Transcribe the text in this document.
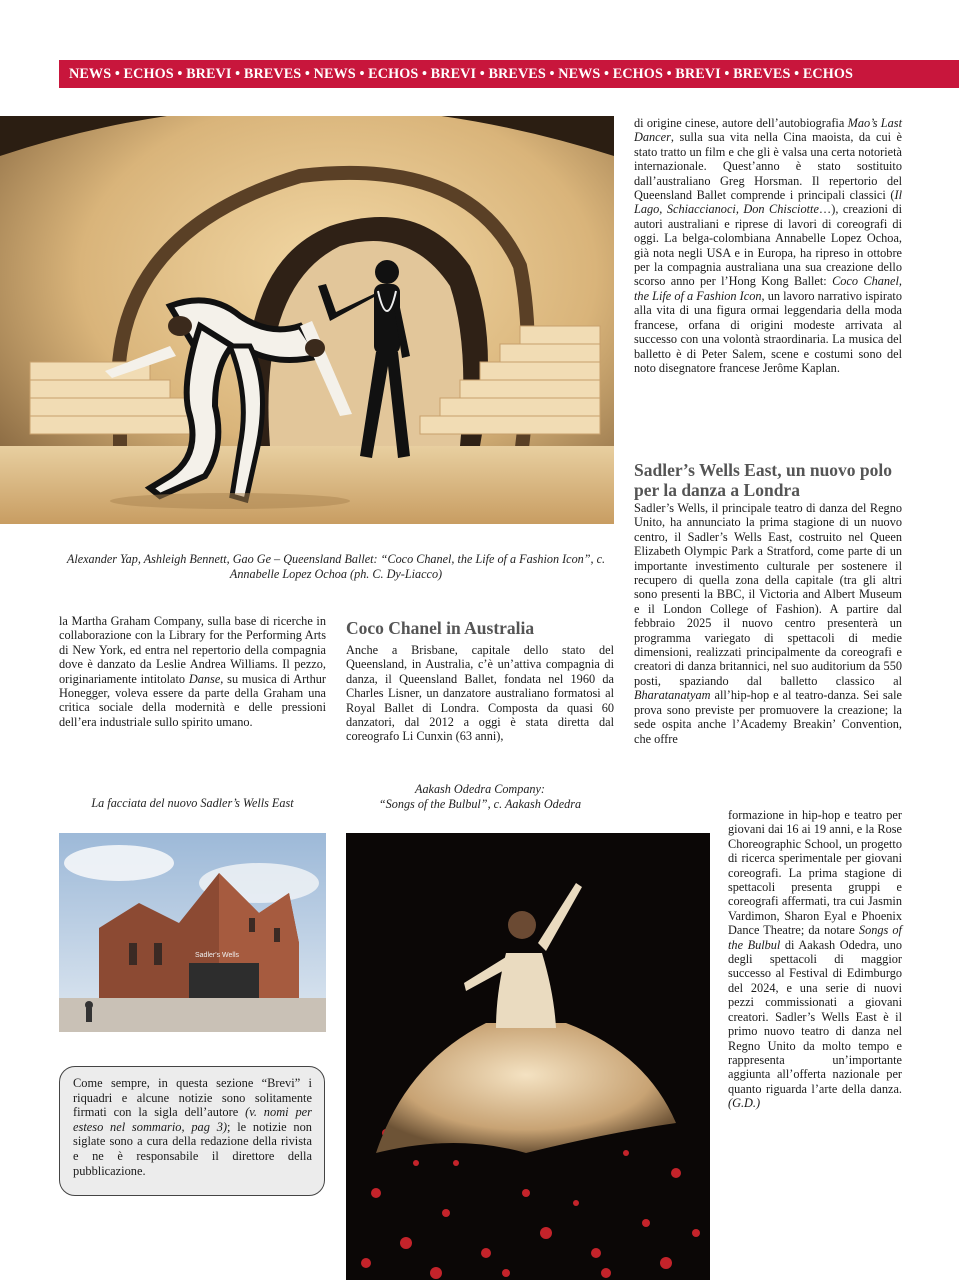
NEWS • ECHOS • BREVI • BREVES • NEWS • ECHOS • BREVI • BREVES • NEWS • ECHOS • BREVI • BREVES • ECHOS
Alexander Yap, Ashleigh Bennett, Gao Ge – Queensland Ballet: “Coco Chanel, the Life of a Fashion Icon”, c. Annabelle Lopez Ochoa (ph. C. Dy-Liacco)

di origine cinese, autore dell’autobiografia Mao’s Last Dancer, sulla sua vita nella Cina maoista, da cui è stato tratto un film e che gli è valsa una certa notorietà internazionale. Quest’anno è stato sostituito dall’australiano Greg Horsman. Il repertorio del Queensland Ballet comprende i principali classici (Il Lago, Schiaccianoci, Don Chisciotte…), creazioni di autori australiani e riprese di lavori di coreografi di oggi. La belga-colombiana Annabelle Lopez Ochoa, già nota negli USA e in Europa, ha ripreso in ottobre per la compagnia australiana una sua creazione dello scorso anno per l’Hong Kong Ballet: Coco Chanel, the Life of a Fashion Icon, un lavoro narrativo ispirato alla vita di una figura ormai leggendaria della moda francese, orfana di origini modeste arrivata al successo con una volontà straordinaria. La musica del balletto è di Peter Salem, scene e costumi sono del noto disegnatore francese Jerôme Kaplan.

Sadler’s Wells East, un nuovo polo per la danza a Londra

Sadler’s Wells, il principale teatro di danza del Regno Unito, ha annunciato la prima stagione di un nuovo centro, il Sadler’s Wells East, costruito nel Queen Elizabeth Olympic Park a Stratford, come parte di un importante investimento culturale per sostenere il recupero di quella zona della capitale (tra gli altri sono presenti la BBC, il Victoria and Albert Museum e il London College of Fashion). A partire dal febbraio 2025 il nuovo centro presenterà un programma variegato di spettacoli di medie dimensioni, realizzati principalmente da coreografi e creatori di danza britannici, nel suo auditorium da 550 posti, spaziando dal balletto classico al Bharatanatyam all’hip-hop e al teatro-danza. Sei sale prova sono previste per promuovere la creazione; la sede ospita anche l’Academy Breakin’ Convention, che offre

formazione in hip-hop e teatro per giovani dai 16 ai 19 anni, e la Rose Choreographic School, un progetto di ricerca sperimentale per giovani coreografi. La prima stagione di spettacoli presenta gruppi e coreografi affermati, tra cui Jasmin Vardimon, Sharon Eyal e Phoenix Dance Theatre; da notare Songs of the Bulbul di Aakash Odedra, uno degli spettacoli di maggior successo al Festival di Edimburgo del 2024, e una serie di nuovi pezzi commissionati a giovani creatori. Sadler’s Wells East è il primo nuovo teatro di danza nel Regno Unito da molto tempo e rappresenta un’importante aggiunta all’offerta nazionale per quanto riguarda l’arte della danza. (G.D.)

la Martha Graham Company, sulla base di ricerche in collaborazione con la Library for the Performing Arts di New York, ed entra nel repertorio della compagnia dove è danzato da Leslie Andrea Williams. Il pezzo, originariamente intitolato Danse, su musica di Arthur Honegger, voleva essere da parte della Graham una critica sociale della modernità e delle pressioni dell’era industriale sullo spirito umano.

Coco Chanel in Australia
Anche a Brisbane, capitale dello stato del Queensland, in Australia, c’è un’attiva compagnia di danza, il Queensland Ballet, fondata nel 1960 da Charles Lisner, un danzatore australiano formatosi al Royal Ballet di Londra. Composta da quasi 60 danzatori, dal 2012 a oggi è stata diretta dal coreografo Li Cunxin (63 anni),
La facciata del nuovo Sadler’s Wells East
Aakash Odedra Company:
“Songs of the Bulbul”, c. Aakash Odedra
Sadler's Wells
Come sempre, in questa sezione “Brevi” i riquadri e alcune notizie sono solitamente firmati con la sigla dell’autore (v. nomi per esteso nel sommario, pag 3); le notizie non siglate sono a cura della redazione della rivista e ne è responsabile il direttore della pubblicazione.
